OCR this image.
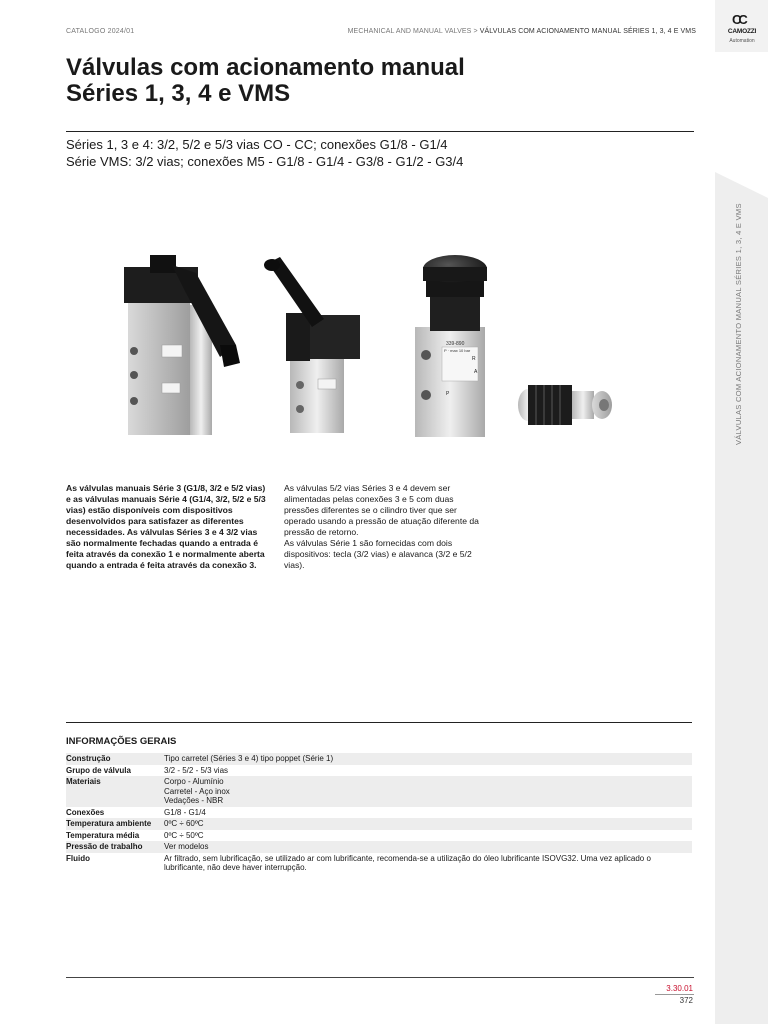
CATALOGO 2024/01	MECHANICAL AND MANUAL VALVES > VÁLVULAS COM ACIONAMENTO MANUAL SÉRIES 1, 3, 4 E VMS
CC
CAMOZZI
Automation
VÁLVULAS COM ACIONAMENTO MANUAL SÉRIES 1, 3, 4 E VMS
Válvulas com acionamento manual
Séries 1, 3, 4 e VMS
Séries 1, 3 e 4: 3/2, 5/2 e 5/3 vias CO - CC; conexões G1/8 - G1/4
Série VMS: 3/2 vias; conexões M5 - G1/8 - G1/4 - G3/8 - G1/2 - G3/4
339-890
P · max 10 bar
R
A
P
As válvulas manuais Série 3 (G1/8, 3/2 e 5/2 vias) e as válvulas manuais Série 4 (G1/4, 3/2, 5/2 e 5/3 vias) estão disponíveis com dispositivos desenvolvidos para satisfazer as diferentes necessidades. As válvulas Séries 3 e 4 3/2 vias são normalmente fechadas quando a entrada é feita através da conexão 1 e normalmente aberta quando a entrada é feita através da conexão 3.
As válvulas 5/2 vias Séries 3 e 4 devem ser alimentadas pelas conexões 3 e 5 com duas pressões diferentes se o cilindro tiver que ser operado usando a pressão de atuação diferente da pressão de retorno.
As válvulas Série 1 são fornecidas com dois dispositivos: tecla (3/2 vias) e alavanca (3/2 e 5/2 vias).
INFORMAÇÕES GERAIS
Construção	Tipo carretel (Séries 3 e 4) tipo poppet (Série 1)
Grupo de válvula	3/2 - 5/2 - 5/3 vias
Materiais	Corpo - Alumínio
Carretel - Aço inox
Vedações - NBR

Conexões	G1/8 - G1/4
Temperatura ambiente	0ºC ÷ 60ºC
Temperatura média	0ºC ÷ 50ºC
Pressão de trabalho	Ver modelos
Fluido	Ar filtrado, sem lubrificação, se utilizado ar com lubrificante, recomenda-se a utilização do óleo lubrificante ISOVG32. Uma vez aplicado o lubrificante, não deve haver interrupção.
3.30.01
372
